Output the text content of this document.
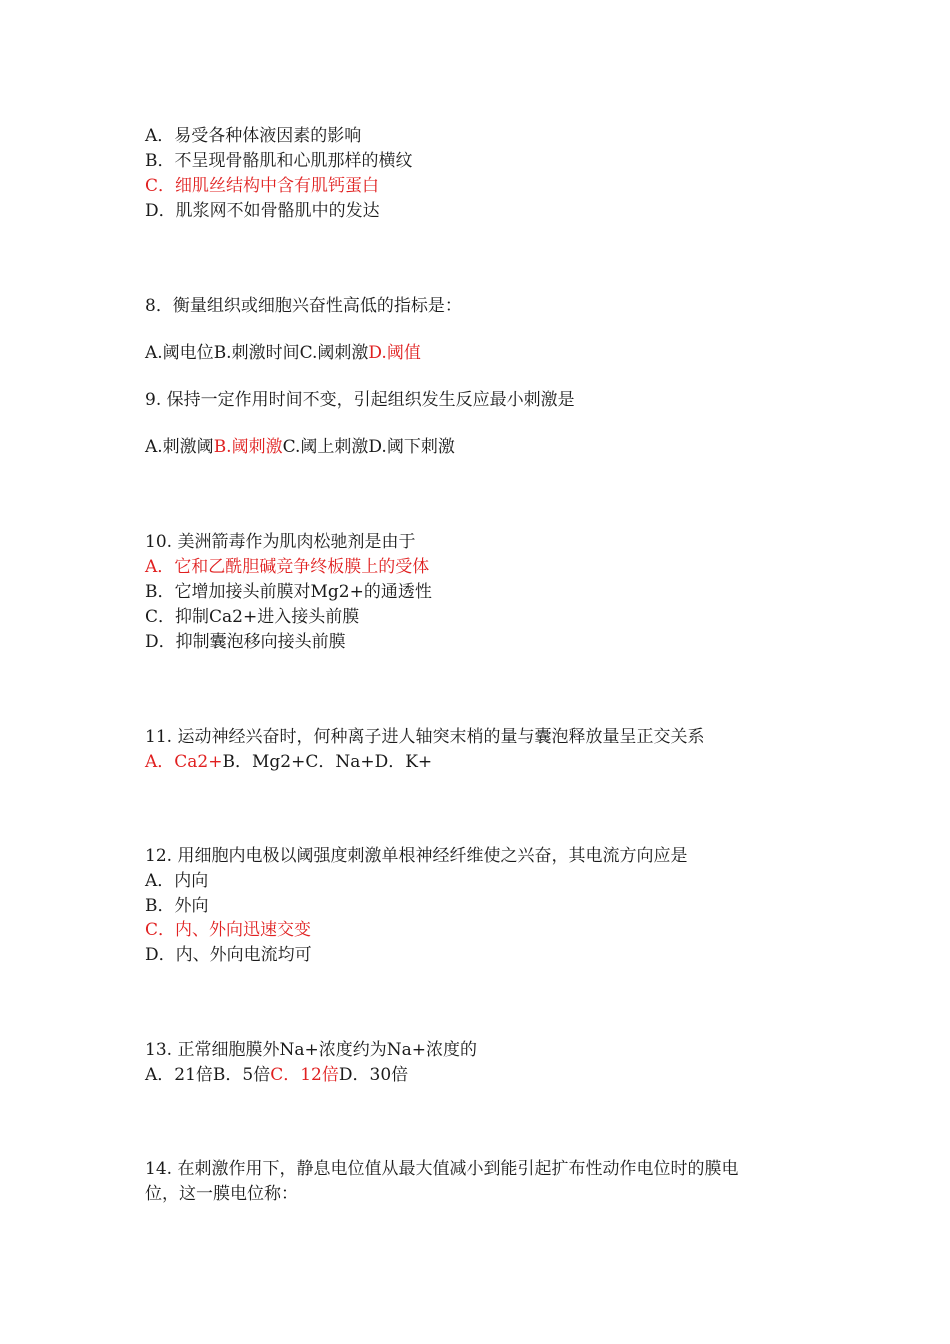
A．易受各种体液因素的影响
B．不呈现骨骼肌和心肌那样的横纹
C．细肌丝结构中含有肌钙蛋白
D．肌浆网不如骨骼肌中的发达
8．衡量组织或细胞兴奋性高低的指标是：
A.阈电位B.刺激时间C.阈刺激D.阈值
9. 保持一定作用时间不变，引起组织发生反应最小刺激是
A.刺激阈B.阈刺激C.阈上刺激D.阈下刺激
10. 美洲箭毒作为肌肉松驰剂是由于
A．它和乙酰胆碱竞争终板膜上的受体
B．它增加接头前膜对Mg2+的通透性
C．抑制Ca2+进入接头前膜
D．抑制囊泡移向接头前膜
11. 运动神经兴奋时，何种离子进人轴突末梢的量与囊泡释放量呈正交关系
A．Ca2+B．Mg2+C．Na+D．K+
12. 用细胞内电极以阈强度刺激单根神经纤维使之兴奋，其电流方向应是
A．内向
B．外向
C．内、外向迅速交变
D．内、外向电流均可
13. 正常细胞膜外Na+浓度约为Na+浓度的
A．21倍B．5倍C．12倍D．30倍
14. 在刺激作用下，静息电位值从最大值减小到能引起扩布性动作电位时的膜电
位，这一膜电位称：
